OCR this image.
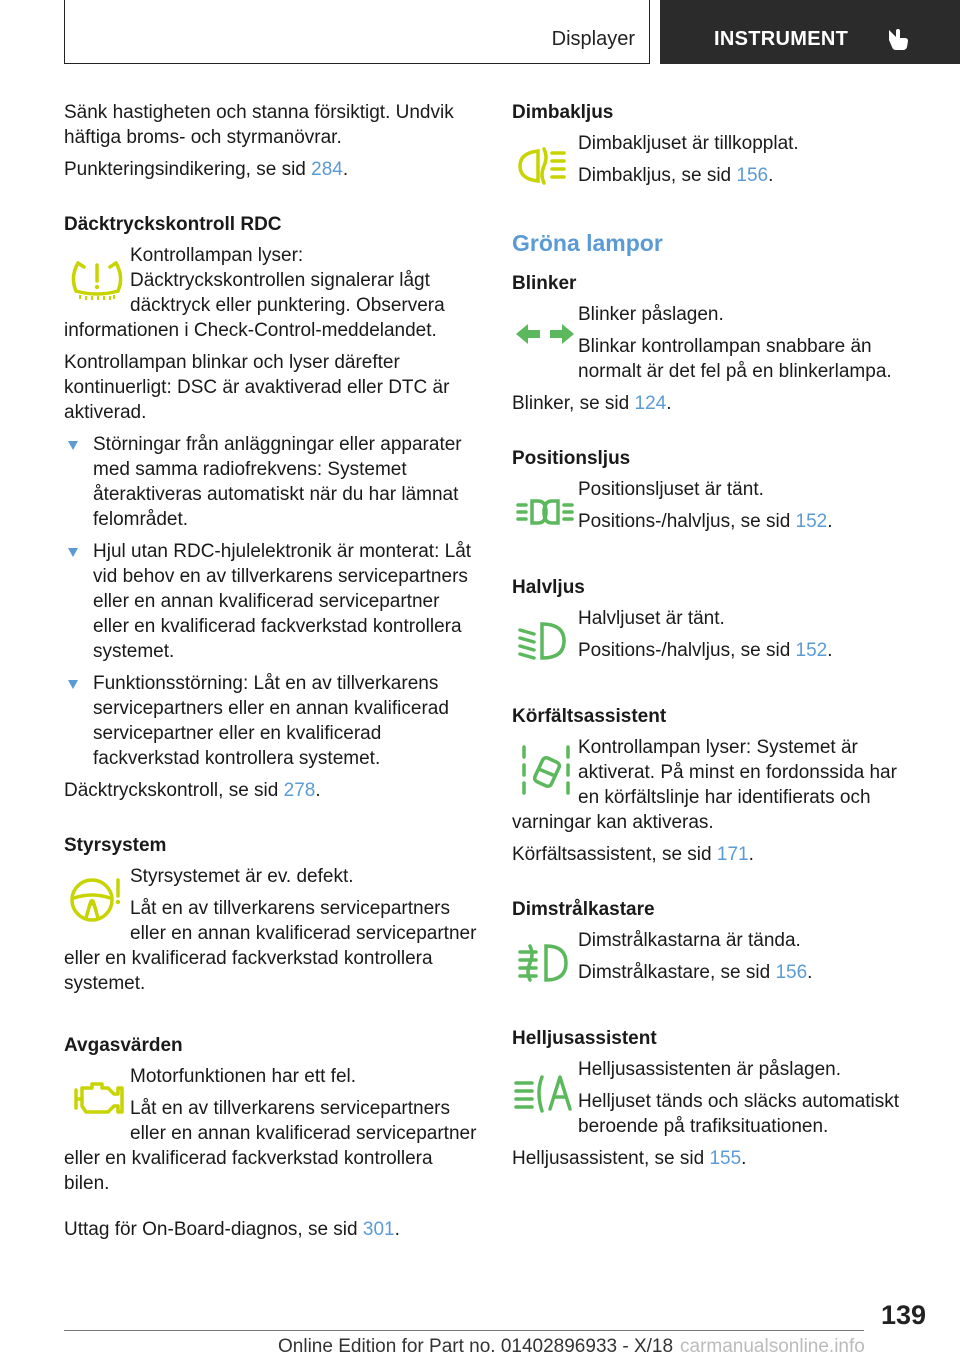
Displayer	INSTRUMENT

Sänk hastigheten och stanna försiktigt. Undvik häftiga broms- och styrmanövrar.

Punkteringsindikering, se sid 284.

Däcktryckskontroll RDC

Kontrollampan lyser: Däcktryckskontrollen signalerar lågt däcktryck eller punktering. Observera informationen i Check-Control-meddelandet.

Kontrollampan blinkar och lyser därefter kontinuerligt: DSC är avaktiverad eller DTC är aktiverad.

Störningar från anläggningar eller apparater med samma radiofrekvens: Systemet återaktiveras automatiskt när du har lämnat felområdet.
Hjul utan RDC-hjulelektronik är monterat: Låt vid behov en av tillverkarens servicepartners eller en annan kvalificerad servicepartner eller en kvalificerad fackverkstad kontrollera systemet.
Funktionsstörning: Låt en av tillverkarens servicepartners eller en annan kvalificerad servicepartner eller en kvalificerad fackverkstad kontrollera systemet.

Däcktryckskontroll, se sid 278.

Styrsystem

Styrsystemet är ev. defekt.

Låt en av tillverkarens servicepartners eller en annan kvalificerad servicepartner eller en kvalificerad fackverkstad kontrollera systemet.

Avgasvärden

Motorfunktionen har ett fel.

Låt en av tillverkarens servicepartners eller en annan kvalificerad servicepartner eller en kvalificerad fackverkstad kontrollera bilen.

Uttag för On-Board-diagnos, se sid 301.

Dimbakljus

Dimbakljuset är tillkopplat.

Dimbakljus, se sid 156.

Gröna lampor

Blinker

Blinker påslagen.

Blinkar kontrollampan snabbare än normalt är det fel på en blinkerlampa.

Blinker, se sid 124.

Positionsljus

Positionsljuset är tänt.

Positions-/halvljus, se sid 152.

Halvljus

Halvljuset är tänt.

Positions-/halvljus, se sid 152.

Körfältsassistent

Kontrollampan lyser: Systemet är aktiverat. På minst en fordonssida har en körfältslinje har identifierats och varningar kan aktiveras.

Körfältsassistent, se sid 171.

Dimstrålkastare

Dimstrålkastarna är tända.

Dimstrålkastare, se sid 156.

Helljusassistent

Helljusassistenten är påslagen.

Helljuset tänds och släcks automatiskt beroende på trafiksituationen.

Helljusassistent, se sid 155.

139
Online Edition for Part no. 01402896933 - X/18 carmanualsonline.info
